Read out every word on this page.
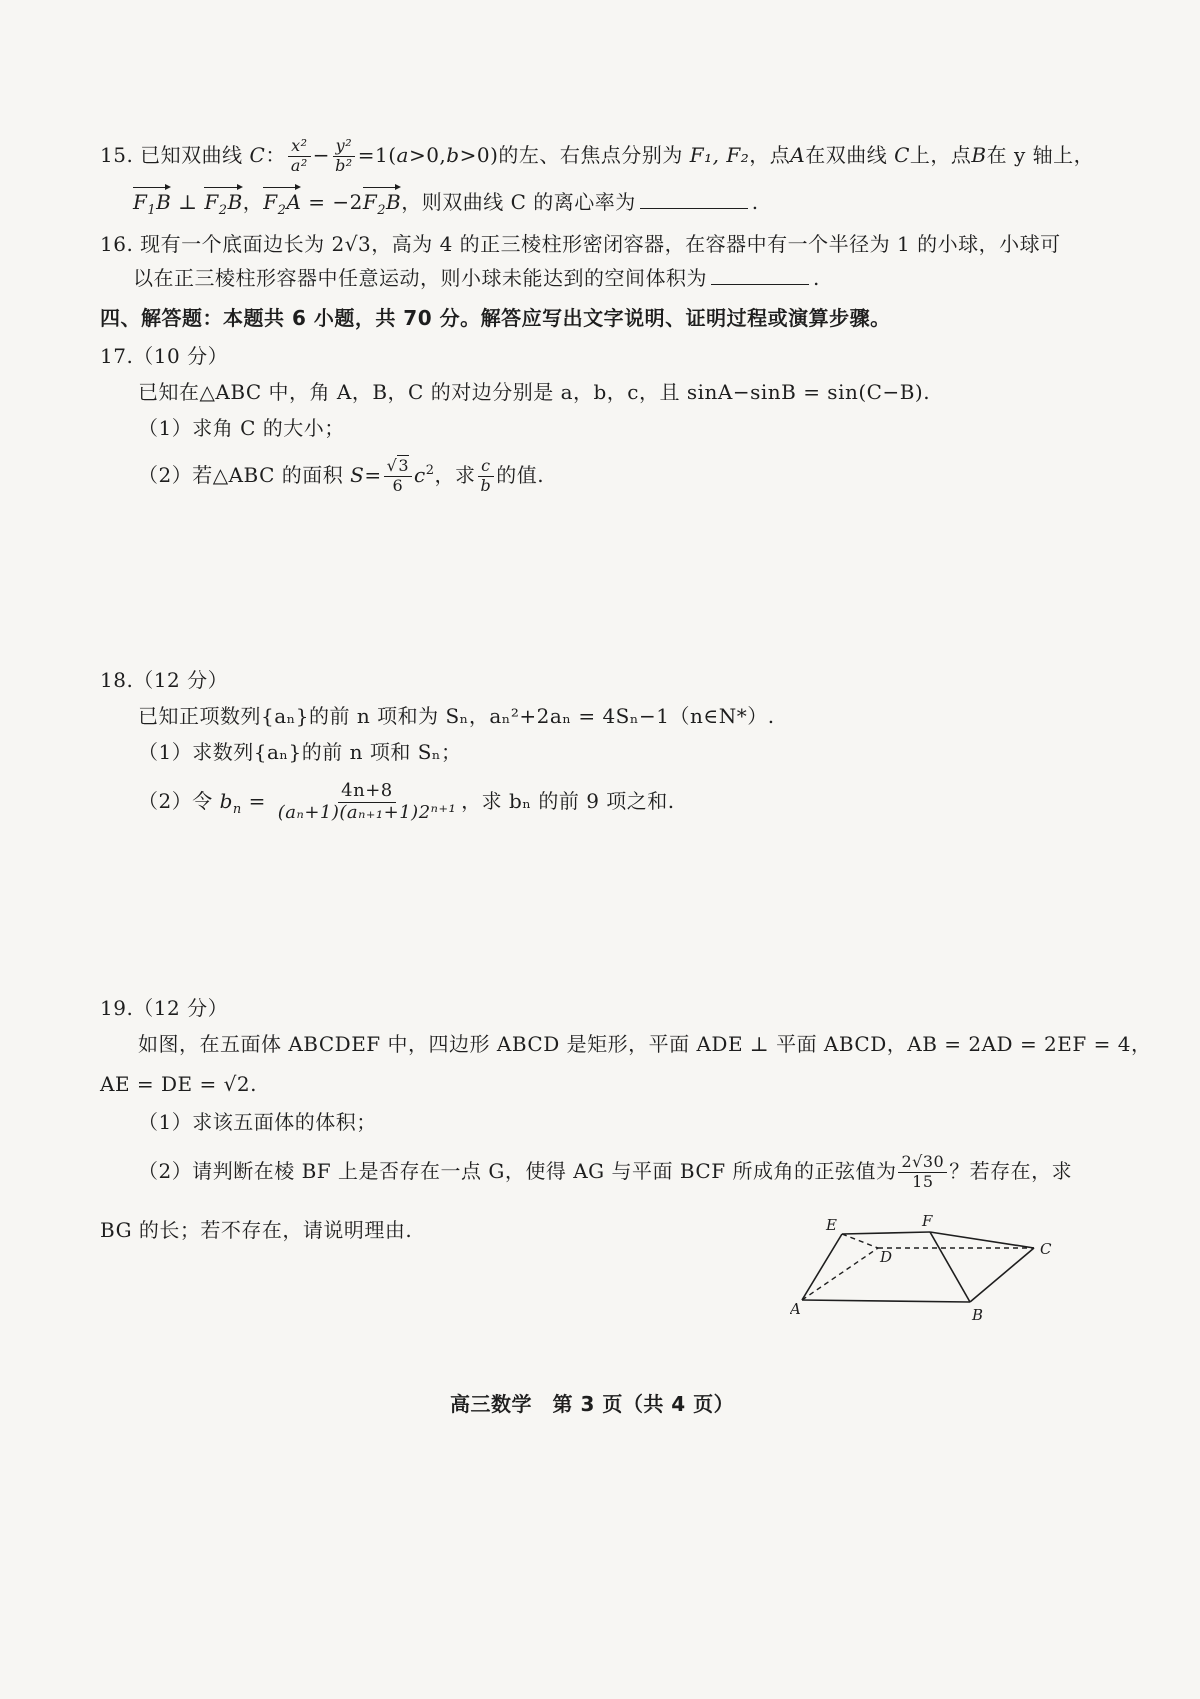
15. 已知双曲线 C： $\frac{\text{x²}}{\text{a²}} - \frac{\text{y²}}{\text{b²}} =1(a>0,b>0)$的左、右焦点分别为 F₁, F₂，点A在双曲线 C上，点B在 y 轴上，
$F_1B$ ⊥ $F_2B$，$F_2A = -2F_2B$，则双曲线 C 的离心率为	.
16. 现有一个底面边长为 2√3，高为 4 的正三棱柱形密闭容器，在容器中有一个半径为 1 的小球，小球可
以在正三棱柱形容器中任意运动，则小球未能达到的空间体积为	.
四、解答题：本题共 6 小题，共 70 分。解答应写出文字说明、证明过程或演算步骤。
17.（10 分）
已知在△ABC 中，角 A，B，C 的对边分别是 a，b，c，且 sinA−sinB = sin(C−B).
（1）求角 C 的大小；
（2）若△ABC 的面积 $S= \frac{√3}{6} c^2$，求 $\frac{c}{b}$ 的值.
18.（12 分）
已知正项数列{aₙ}的前 n 项和为 Sₙ，aₙ²+2aₙ = 4Sₙ−1（n∈N*）.
（1）求数列{aₙ}的前 n 项和 Sₙ；
（2）令 $b_n = \frac{4n+8}{\text{(aₙ+1)(aₙ₊₁+1)2ⁿ⁺¹}}$ ，求 bₙ 的前 9 项之和.
19.（12 分）
如图，在五面体 ABCDEF 中，四边形 ABCD 是矩形，平面 ADE ⊥ 平面 ABCD，AB = 2AD = 2EF = 4，
AE = DE = √2.
（1）求该五面体的体积；
（2）请判断在棱 BF 上是否存在一点 G，使得 AG 与平面 BCF 所成角的正弦值为 $\frac{2√30}{15}$ ？若存在，求
BG 的长；若不存在，请说明理由.	E	F
D	C
A	B
高三数学　第 3 页（共 4 页）
